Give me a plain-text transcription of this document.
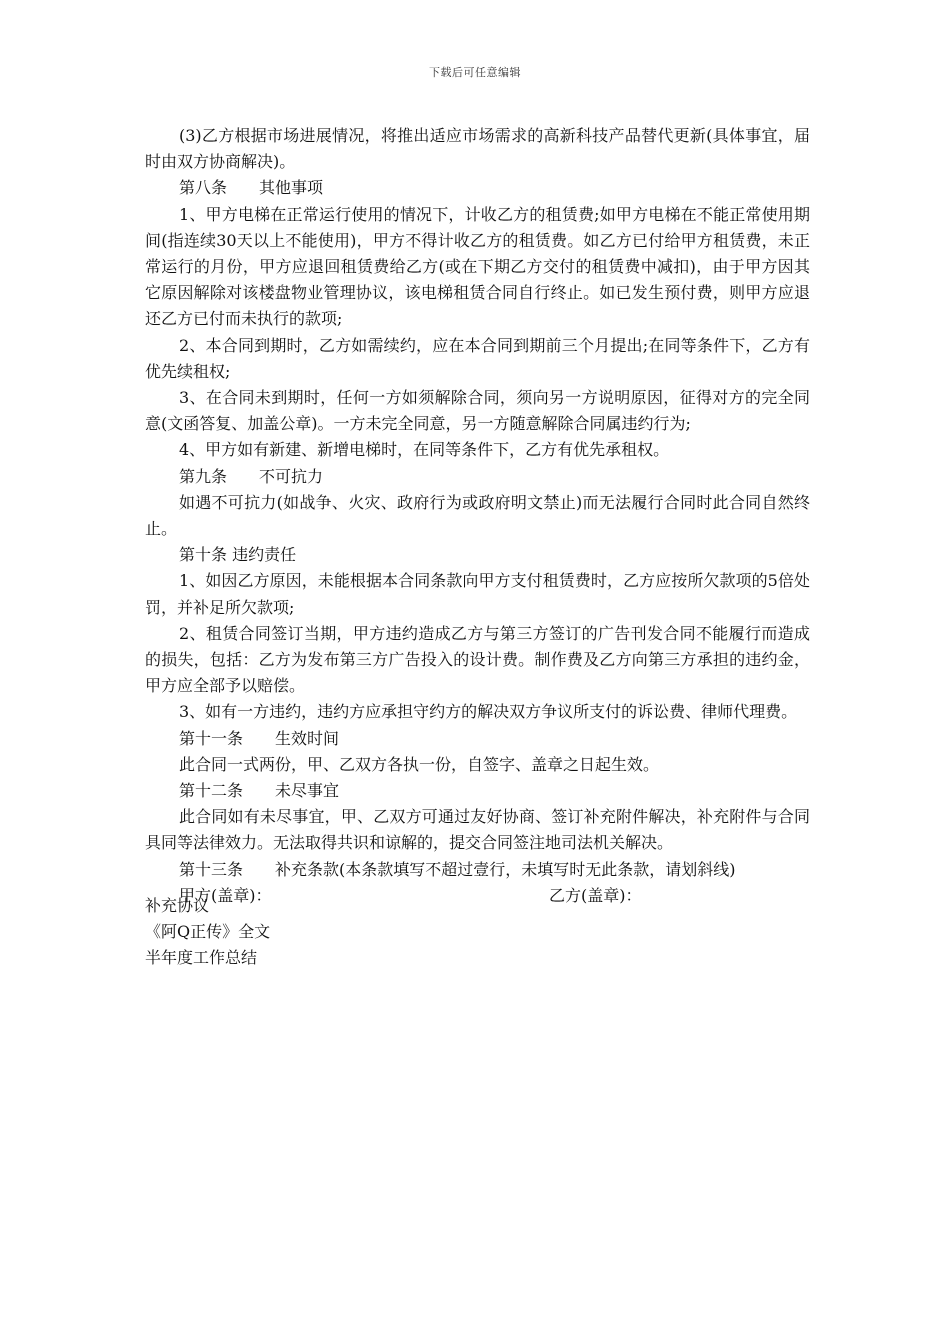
下载后可任意编辑

(3)乙方根据市场进展情况，将推出适应市场需求的高新科技产品替代更新(具体事宜，届时由双方协商解决)。

第八条　　其他事项

1、甲方电梯在正常运行使用的情况下，计收乙方的租赁费;如甲方电梯在不能正常使用期间(指连续30天以上不能使用)，甲方不得计收乙方的租赁费。如乙方已付给甲方租赁费，未正常运行的月份，甲方应退回租赁费给乙方(或在下期乙方交付的租赁费中减扣)，由于甲方因其它原因解除对该楼盘物业管理协议，该电梯租赁合同自行终止。如已发生预付费，则甲方应退还乙方已付而未执行的款项;

2、本合同到期时，乙方如需续约，应在本合同到期前三个月提出;在同等条件下，乙方有优先续租权;

3、在合同未到期时，任何一方如须解除合同，须向另一方说明原因，征得对方的完全同意(文函答复、加盖公章)。一方未完全同意，另一方随意解除合同属违约行为;

4、甲方如有新建、新增电梯时，在同等条件下，乙方有优先承租权。

第九条　　不可抗力

如遇不可抗力(如战争、火灾、政府行为或政府明文禁止)而无法履行合同时此合同自然终止。

第十条 违约责任

1、如因乙方原因，未能根据本合同条款向甲方支付租赁费时，乙方应按所欠款项的5倍处罚，并补足所欠款项;

2、租赁合同签订当期，甲方违约造成乙方与第三方签订的广告刊发合同不能履行而造成的损失，包括：乙方为发布第三方广告投入的设计费。制作费及乙方向第三方承担的违约金，甲方应全部予以赔偿。

3、如有一方违约，违约方应承担守约方的解决双方争议所支付的诉讼费、律师代理费。

第十一条　　生效时间

此合同一式两份，甲、乙双方各执一份，自签字、盖章之日起生效。

第十二条　　未尽事宜

此合同如有未尽事宜，甲、乙双方可通过友好协商、签订补充附件解决，补充附件与合同具同等法律效力。无法取得共识和谅解的，提交合同签注地司法机关解决。

第十三条　　补充条款(本条款填写不超过壹行，未填写时无此条款，请划斜线)

甲方(盖章)：	乙方(盖章)：

补充协议

《阿Q正传》全文

半年度工作总结
